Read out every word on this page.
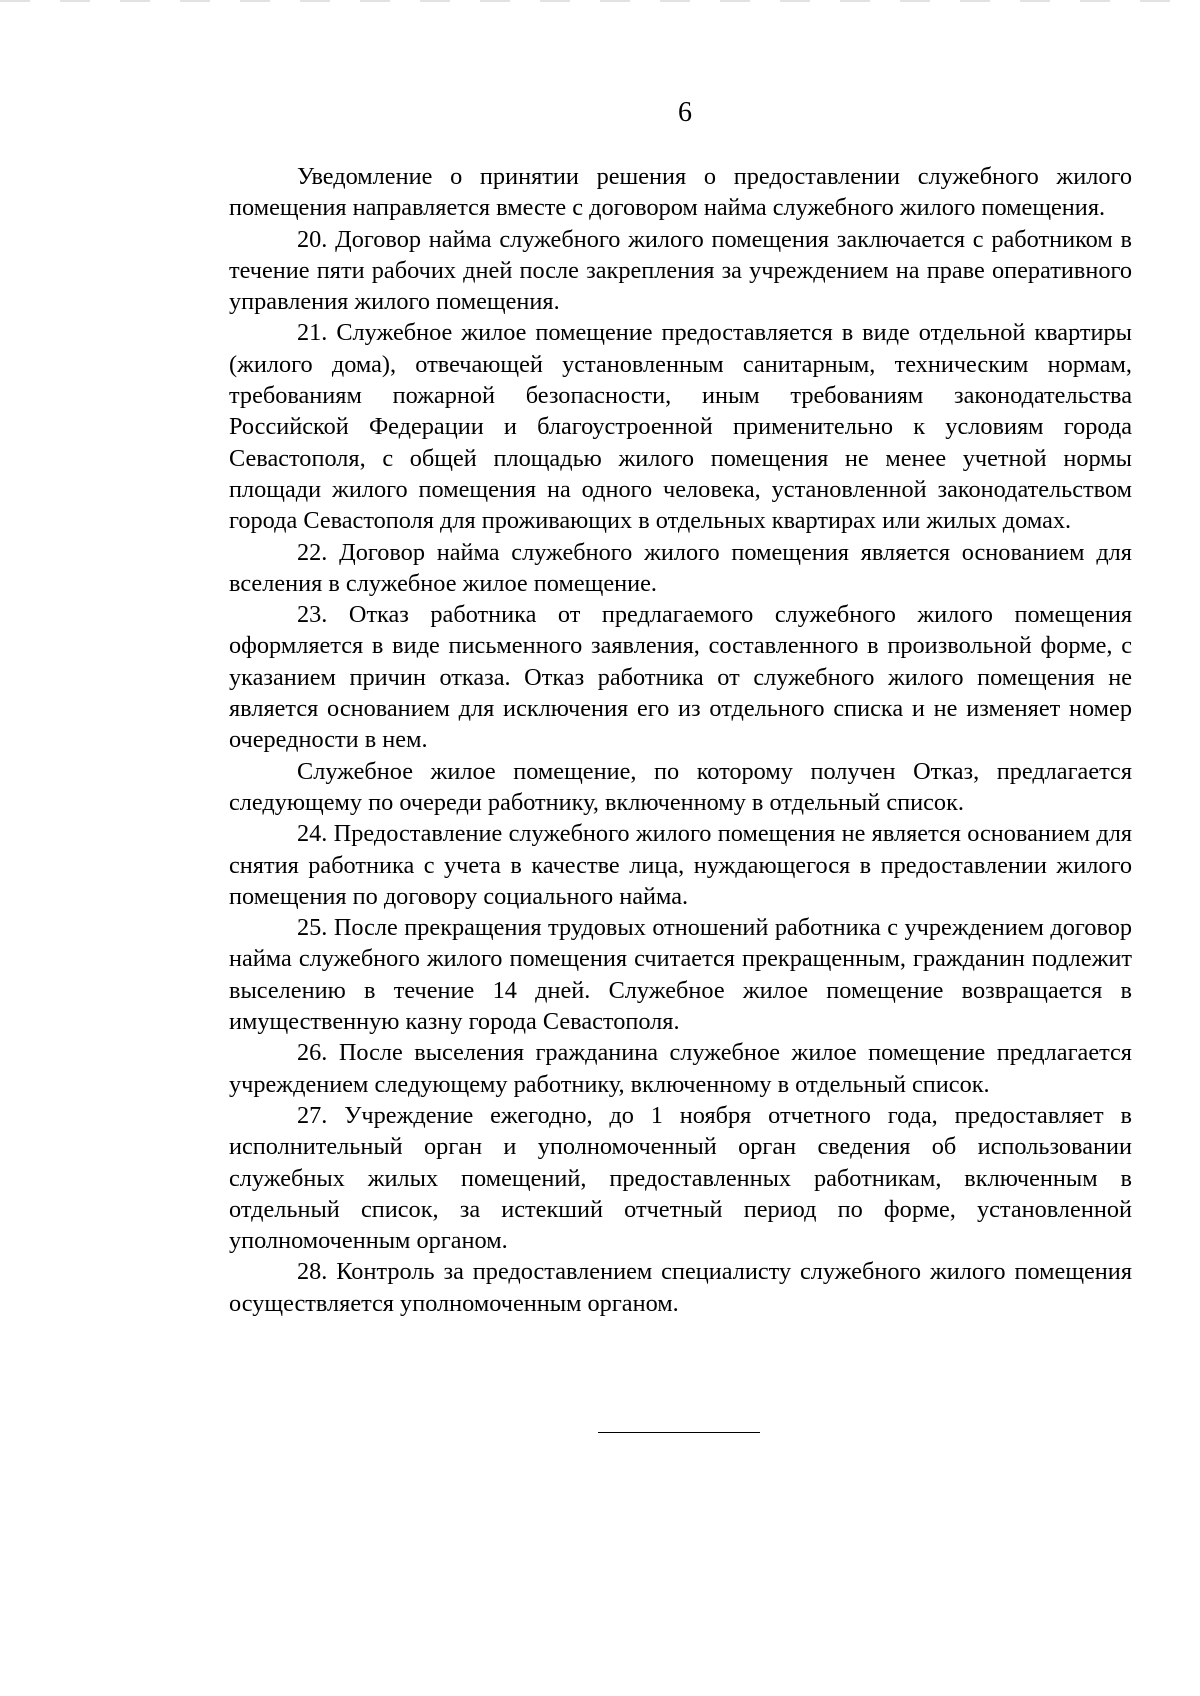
6

Уведомление о принятии решения о предоставлении служебного жилого помещения направляется вместе с договором найма служебного жилого помещения.

20. Договор найма служебного жилого помещения заключается с работником в течение пяти рабочих дней после закрепления за учреждением на праве оперативного управления жилого помещения.

21. Служебное жилое помещение предоставляется в виде отдельной квартиры (жилого дома), отвечающей установленным санитарным, техническим нормам, требованиям пожарной безопасности, иным требованиям законодательства Российской Федерации и благоустроенной применительно к условиям города Севастополя, с общей площадью жилого помещения не менее учетной нормы площади жилого помещения на одного человека, установленной законодательством города Севастополя для проживающих в отдельных квартирах или жилых домах.

22. Договор найма служебного жилого помещения является основанием для вселения в служебное жилое помещение.

23. Отказ работника от предлагаемого служебного жилого помещения оформляется в виде письменного заявления, составленного в произвольной форме, с указанием причин отказа. Отказ работника от служебного жилого помещения не является основанием для исключения его из отдельного списка и не изменяет номер очередности в нем.

Служебное жилое помещение, по которому получен Отказ, предлагается следующему по очереди работнику, включенному в отдельный список.

24. Предоставление служебного жилого помещения не является основанием для снятия работника с учета в качестве лица, нуждающегося в предоставлении жилого помещения по договору социального найма.

25. После прекращения трудовых отношений работника с учреждением договор найма служебного жилого помещения считается прекращенным, гражданин подлежит выселению в течение 14 дней. Служебное жилое помещение возвращается в имущественную казну города Севастополя.

26. После выселения гражданина служебное жилое помещение предлагается учреждением следующему работнику, включенному в отдельный список.

27. Учреждение ежегодно, до 1 ноября отчетного года, предоставляет в исполнительный орган и уполномоченный орган сведения об использовании служебных жилых помещений, предоставленных работникам, включенным в отдельный список, за истекший отчетный период по форме, установленной уполномоченным органом.

28. Контроль за предоставлением специалисту служебного жилого помещения осуществляется уполномоченным органом.
